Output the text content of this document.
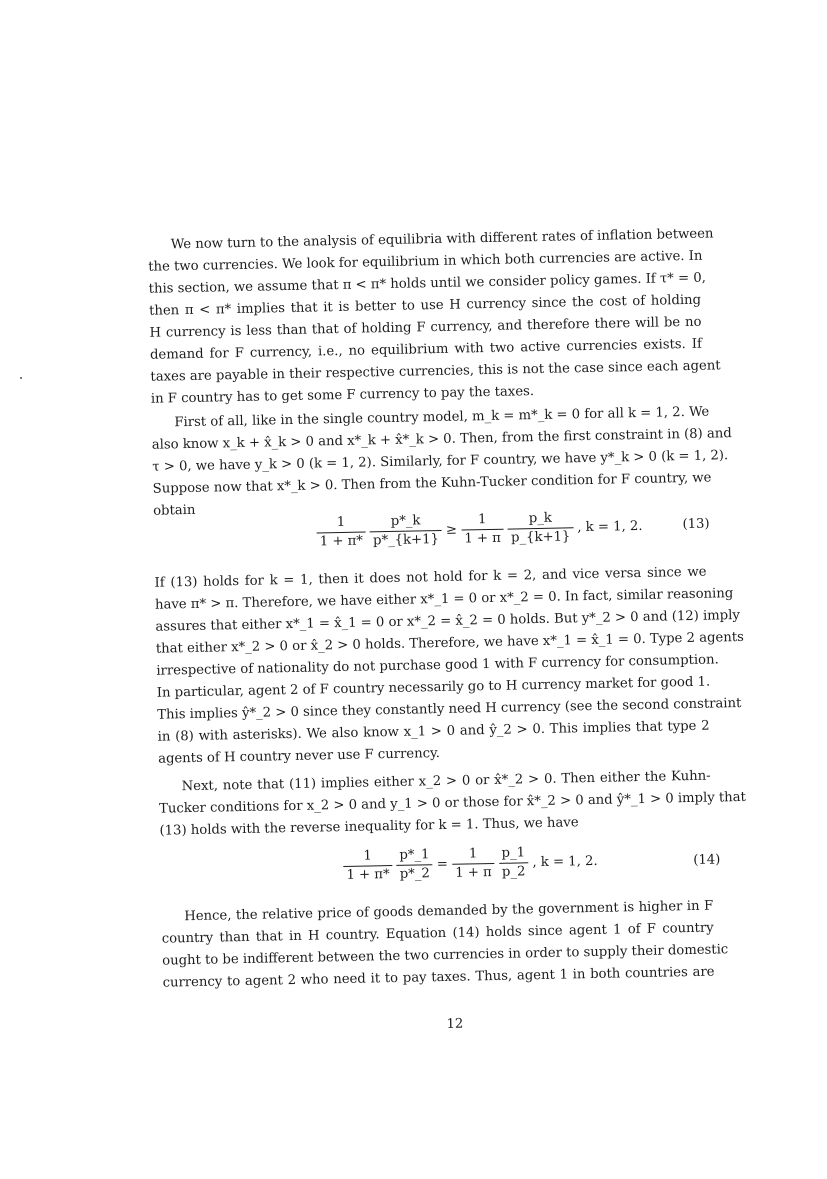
We now turn to the analysis of equilibria with different rates of inflation between
the two currencies. We look for equilibrium in which both currencies are active. In
this section, we assume that π < π* holds until we consider policy games. If τ* = 0,
then π < π* implies that it is better to use H currency since the cost of holding
H currency is less than that of holding F currency, and therefore there will be no
demand for F currency, i.e., no equilibrium with two active currencies exists. If
taxes are payable in their respective currencies, this is not the case since each agent
in F country has to get some F currency to pay the taxes.
First of all, like in the single country model, m_k = m*_k = 0 for all k = 1, 2. We
also know x_k + x̂_k > 0 and x*_k + x̂*_k > 0. Then, from the first constraint in (8) and
τ > 0, we have y_k > 0 (k = 1, 2). Similarly, for F country, we have y*_k > 0 (k = 1, 2).
Suppose now that x*_k > 0. Then from the Kuhn-Tucker condition for F country, we
obtain
$\frac{1}{1 + \pi*}$
$\frac{p*\_k}{p*\_\{k+1\}} \ge \frac{1}{1 + \pi}$
$\frac{p\_k}{p\_\{k+1\}}$ , k = 1, 2.	(13)
If (13) holds for k = 1, then it does not hold for k = 2, and vice versa since we
have π* > π. Therefore, we have either x*_1 = 0 or x*_2 = 0. In fact, similar reasoning
assures that either x*_1 = x̂_1 = 0 or x*_2 = x̂_2 = 0 holds. But y*_2 > 0 and (12) imply
that either x*_2 > 0 or x̂_2 > 0 holds. Therefore, we have x*_1 = x̂_1 = 0. Type 2 agents
irrespective of nationality do not purchase good 1 with F currency for consumption.
In particular, agent 2 of F country necessarily go to H currency market for good 1.
This implies ŷ*_2 > 0 since they constantly need H currency (see the second constraint
in (8) with asterisks). We also know x_1 > 0 and ŷ_2 > 0. This implies that type 2
agents of H country never use F currency.
Next, note that (11) implies either x_2 > 0 or x̂*_2 > 0. Then either the Kuhn-
Tucker conditions for x_2 > 0 and y_1 > 0 or those for x̂*_2 > 0 and ŷ*_1 > 0 imply that
(13) holds with the reverse inequality for k = 1. Thus, we have
$\frac{1}{1 + \pi*}$
$\frac{p*\_1}{p*\_2} = \frac{1}{1 + \pi}$
$\frac{p\_1}{p\_2}$ , k = 1, 2.	(14)
Hence, the relative price of goods demanded by the government is higher in F
country than that in H country. Equation (14) holds since agent 1 of F country
ought to be indifferent between the two currencies in order to supply their domestic
currency to agent 2 who need it to pay taxes. Thus, agent 1 in both countries are
12
